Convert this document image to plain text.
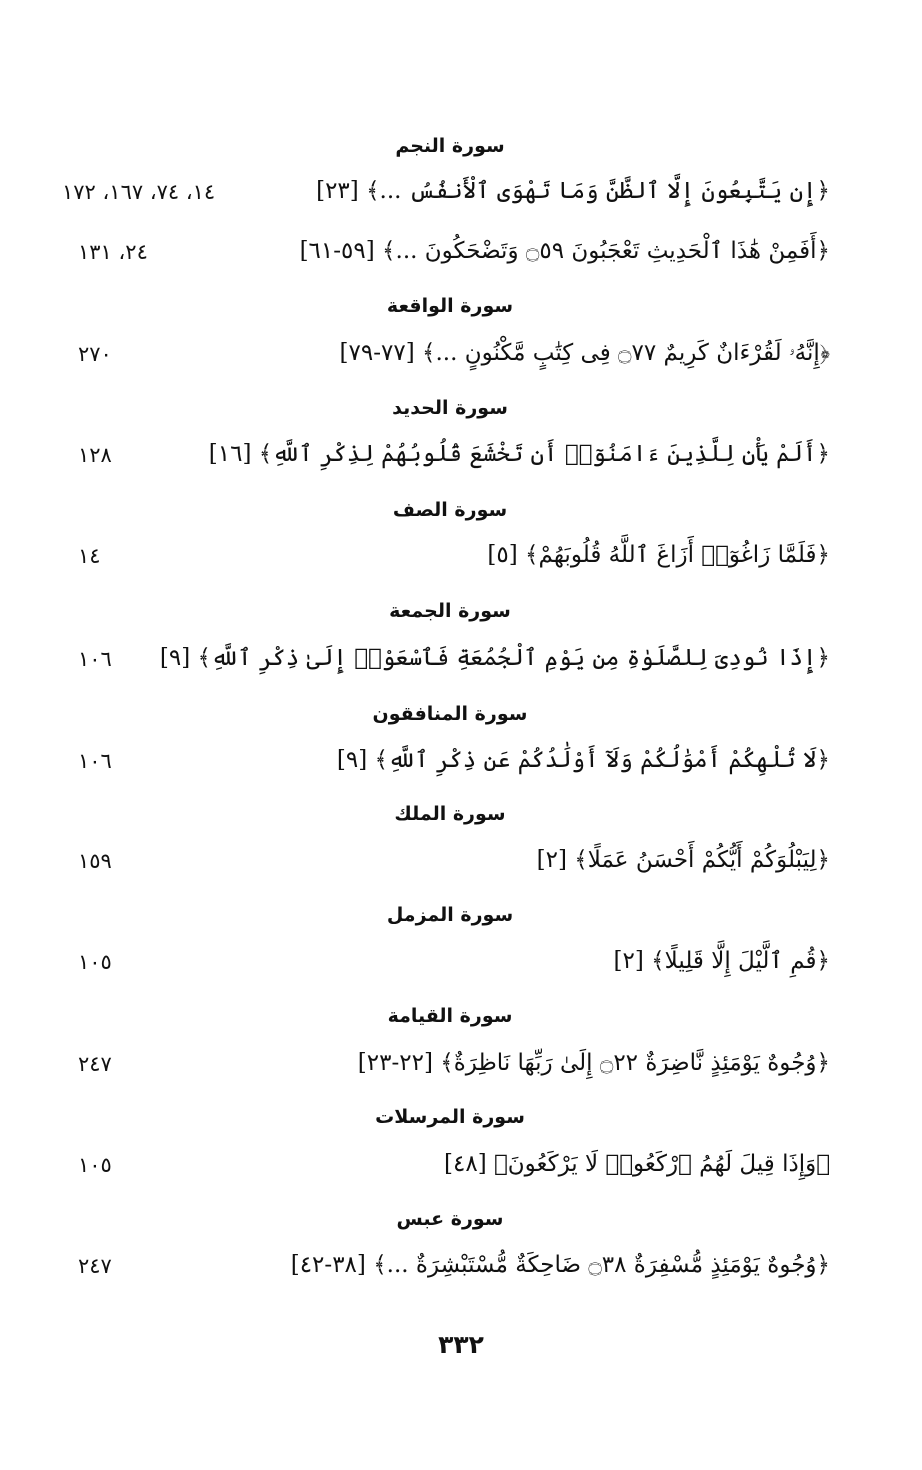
سورة النجم
﴿إِن يَتَّبِعُونَ إِلَّا ٱلظَّنَّ وَمَا تَهْوَى ٱلْأَنفُسُ ...﴾ [٢٣]
١٤، ٧٤، ١٦٧، ١٧٢
﴿أَفَمِنْ هَٰذَا ٱلْحَدِيثِ تَعْجَبُونَ ۝٥٩ وَتَضْحَكُونَ ...﴾ [٥٩-٦١]
٢٤، ١٣١
سورة الواقعة
﴿إِنَّهُۥ لَقُرْءَانٌ كَرِيمٌ ۝٧٧ فِى كِتَٰبٍ مَّكْنُونٍ ...﴾ [٧٧-٧٩]
٢٧٠
سورة الحديد
﴿أَلَمْ يَأْنِ لِلَّذِينَ ءَامَنُوٓا۟ أَن تَخْشَعَ قُلُوبُهُمْ لِذِكْرِ ٱللَّهِ﴾ [١٦]
١٢٨
سورة الصف
﴿فَلَمَّا زَاغُوٓا۟ أَزَاغَ ٱللَّهُ قُلُوبَهُمْ﴾ [٥]
١٤
سورة الجمعة
﴿إِذَا نُودِىَ لِلصَّلَوٰةِ مِن يَوْمِ ٱلْجُمُعَةِ فَٱسْعَوْا۟ إِلَىٰ ذِكْرِ ٱللَّهِ﴾ [٩]
١٠٦
سورة المنافقون
﴿لَا تُلْهِكُمْ أَمْوَٰلُكُمْ وَلَآ أَوْلَٰدُكُمْ عَن ذِكْرِ ٱللَّهِ﴾ [٩]
١٠٦
سورة الملك
﴿لِيَبْلُوَكُمْ أَيُّكُمْ أَحْسَنُ عَمَلًا﴾ [٢]
١٥٩
سورة المزمل
﴿قُمِ ٱلَّيْلَ إِلَّا قَلِيلًا﴾ [٢]
١٠٥
سورة القيامة
﴿وُجُوهٌ يَوْمَئِذٍ نَّاضِرَةٌ ۝٢٢ إِلَىٰ رَبِّهَا نَاظِرَةٌ﴾ [٢٢-٢٣]
٢٤٧
سورة المرسلات
﴿وَإِذَا قِيلَ لَهُمُ ٱرْكَعُوا۟ لَا يَرْكَعُونَ﴾ [٤٨]
١٠٥
سورة عبس
﴿وُجُوهٌ يَوْمَئِذٍ مُّسْفِرَةٌ ۝٣٨ ضَاحِكَةٌ مُّسْتَبْشِرَةٌ ...﴾ [٣٨-٤٢]
٢٤٧
٣٣٢
